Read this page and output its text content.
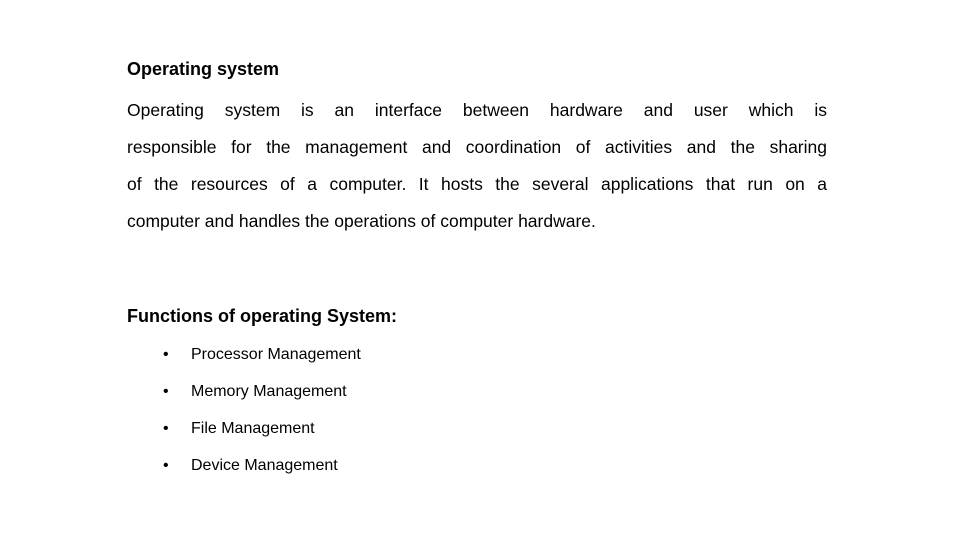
Operating system
Operating system is an interface between hardware and user which is
responsible for the management and coordination of activities and the sharing
of the resources of a computer. It hosts the several applications that run on a
computer and handles the operations of computer hardware.
Functions of operating System:
•	Processor Management
•	Memory Management
•	File Management
•	Device Management
